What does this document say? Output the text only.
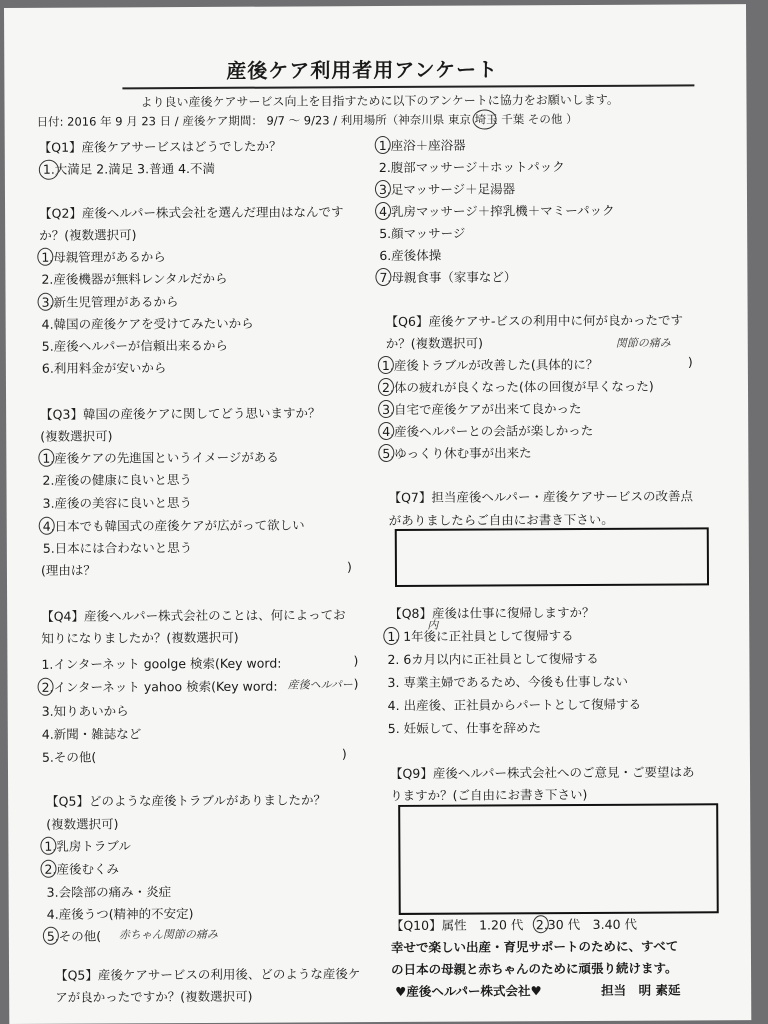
産後ケア利用者用アンケート
より良い産後ケアサービス向上を目指すために以下のアンケートに協力をお願いします。
日付: 2016 年 9 月 23 日 / 産後ケア期間： 9/7 〜 9/23 / 利用場所（神奈川県 東京 埼玉 千葉 その他 ）
【Q1】産後ケアサービスはどうでしたか？
1.大満足 2.満足 3.普通 4.不満
【Q2】産後ヘルパー株式会社を選んだ理由はなんです
か？(複数選択可)
1.母親管理があるから
2.産後機器が無料レンタルだから
3.新生児管理があるから
4.韓国の産後ケアを受けてみたいから
5.産後ヘルパーが信頼出来るから
6.利用料金が安いから
【Q3】韓国の産後ケアに関してどう思いますか？
(複数選択可)
1.産後ケアの先進国というイメージがある
2.産後の健康に良いと思う
3.産後の美容に良いと思う
4.日本でも韓国式の産後ケアが広がって欲しい
5.日本には合わないと思う
(理由は？	)
【Q4】産後ヘルパー株式会社のことは、何によってお
知りになりましたか？(複数選択可)
1.インターネット goolge 検索(Key word:	)
2.インターネット yahoo 検索(Key word: 産後ヘルパー )
3.知りあいから
4.新聞・雑誌など
5.その他(	)
【Q5】どのような産後トラブルがありましたか？
(複数選択可)
1.乳房トラブル
2.産後むくみ
3.会陰部の痛み・炎症
4.産後うつ(精神的不安定)
5.その他( 赤ちゃん関節の痛み
【Q5】産後ケアサービスの利用後、どのような産後ケ
アが良かったですか？(複数選択可)
1.座浴＋座浴器
2.腹部マッサージ＋ホットパック
3.足マッサージ＋足湯器
4.乳房マッサージ＋搾乳機＋マミーパック
5.顔マッサージ
6.産後体操
7.母親食事（家事など）
【Q6】産後ケアサ-ビスの利用中に何が良かったです
か？(複数選択可)	関節の痛み
1.産後トラブルが改善した(具体的に？	)
2.体の疲れが良くなった(体の回復が早くなった)
3.自宅で産後ケアが出来て良かった
4.産後ヘルパーとの会話が楽しかった
5.ゆっくり休む事が出来た
【Q7】担当産後ヘルパー・産後ケアサービスの改善点
がありましたらご自由にお書き下さい。
【Q8】産後は仕事に復帰しますか？
1. 1年後に正社員として復帰する
内
2. 6カ月以内に正社員として復帰する
3. 専業主婦であるため、今後も仕事しない
4. 出産後、正社員からパートとして復帰する
5. 妊娠して、仕事を辞めた
【Q9】産後ヘルパー株式会社へのご意見・ご要望はあ
りますか？(ご自由にお書き下さい)
【Q10】属性　1.20 代　2.30 代　3.40 代
幸せで楽しい出産・育児サポートのために、すべて
の日本の母親と赤ちゃんのために頑張り続けます。
♥産後ヘルパー株式会社♥	担当　明 素延
